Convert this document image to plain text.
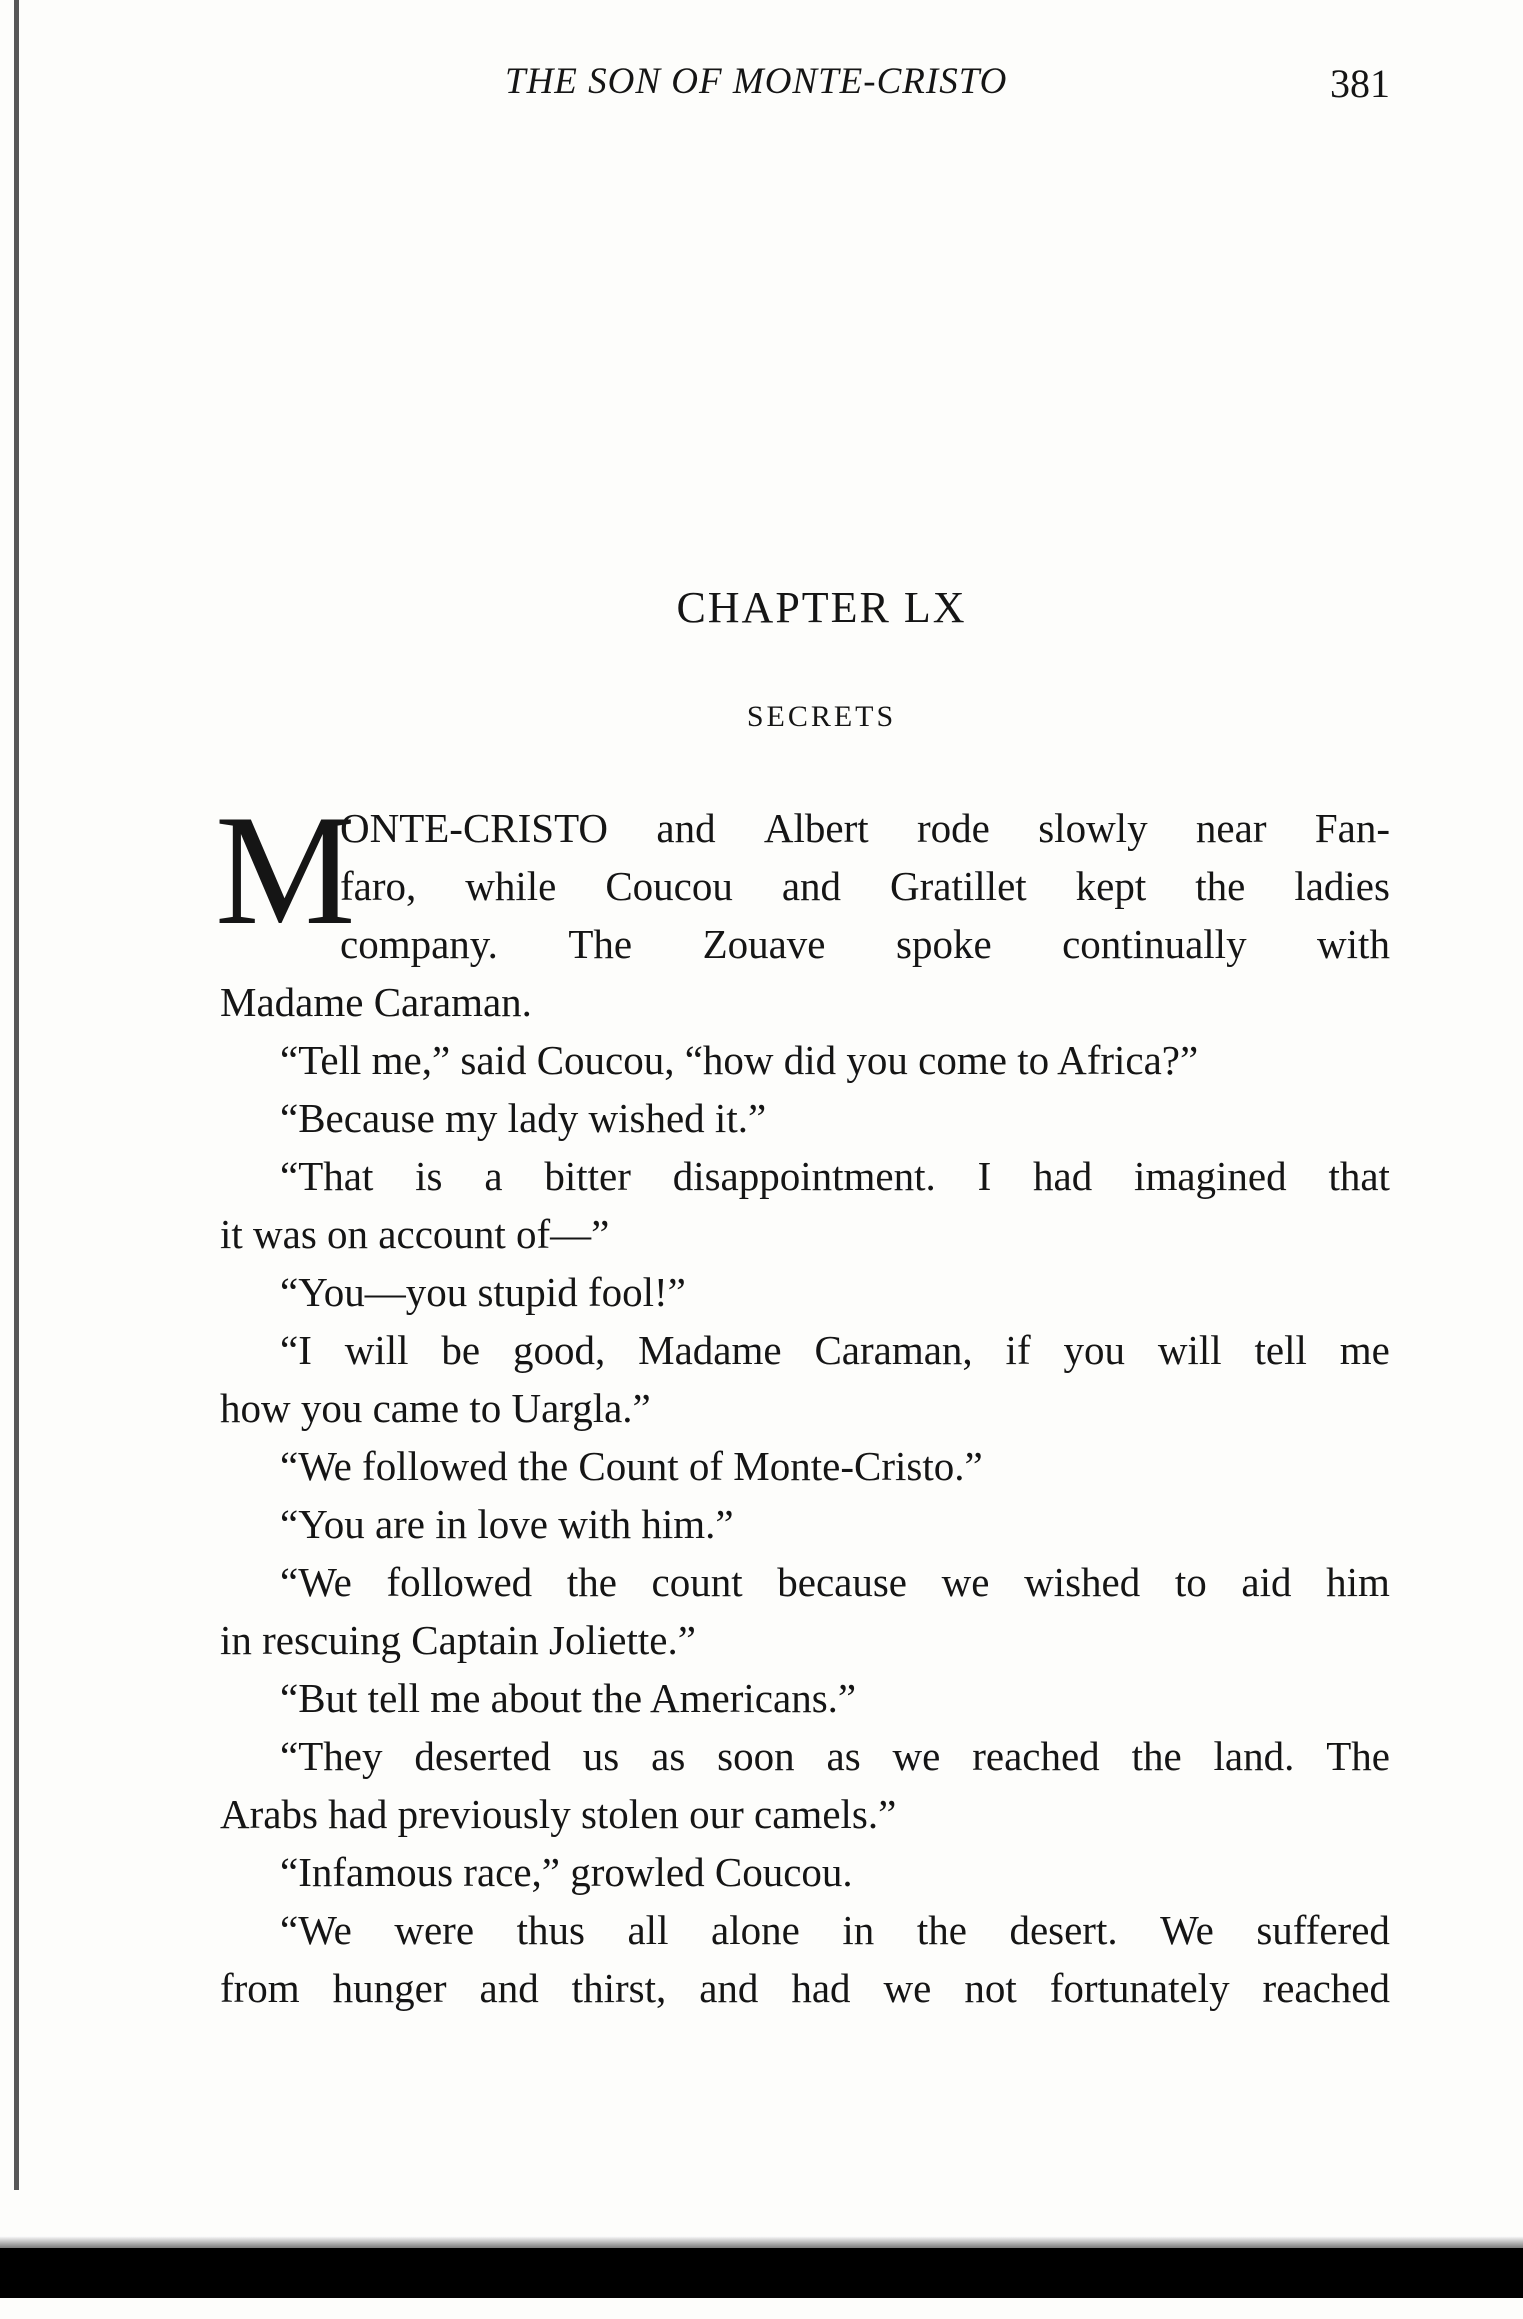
THE SON OF MONTE-CRISTO	381
CHAPTER LX
SECRETS
M
ONTE-CRISTO and Albert rode slowly near Fan-
faro, while Coucou and Gratillet kept the ladies
company. The Zouave spoke continually with
Madame Caraman.
“Tell me,” said Coucou, “how did you come to Africa?”
“Because my lady wished it.”
“That is a bitter disappointment. I had imagined that
it was on account of—”
“You—you stupid fool!”
“I will be good, Madame Caraman, if you will tell me
how you came to Uargla.”
“We followed the Count of Monte-Cristo.”
“You are in love with him.”
“We followed the count because we wished to aid him
in rescuing Captain Joliette.”
“But tell me about the Americans.”
“They deserted us as soon as we reached the land. The
Arabs had previously stolen our camels.”
“Infamous race,” growled Coucou.
“We were thus all alone in the desert. We suffered
from hunger and thirst, and had we not fortunately reached
